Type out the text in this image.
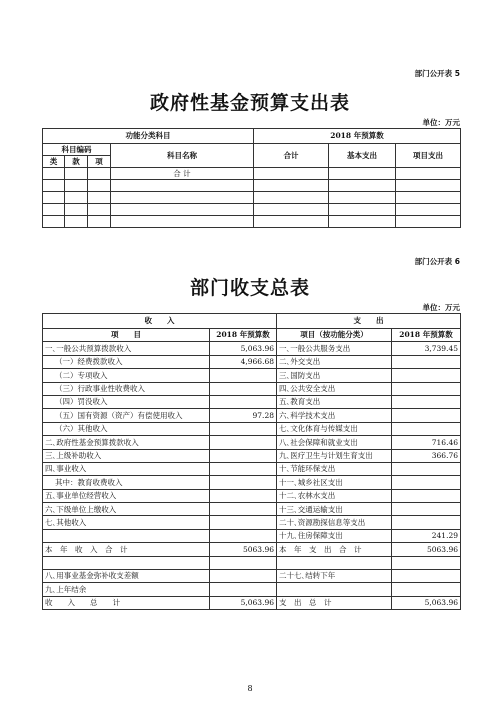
部门公开表 5
政府性基金预算支出表
单位：万元
功能分类科目				2018 年预算数		
科目编码			科目名称	合计	基本支出	项目支出
类	款	项				
			合 计			

部门公开表 6
部门收支总表
单位：万元
收　　入		支　　出	
项　　目	2018 年预算数	项目（按功能分类）	2018 年预算数
一､一般公共预算拨款收入	5,063.96	一､一般公共服务支出	3,739.45
（一）经费拨款收入	4,966.68	二､外交支出	
（二）专项收入		三､国防支出	
（三）行政事业性收费收入		四､公共安全支出	
（四）罚没收入		五､教育支出	
（五）国有资源（资产）有偿使用收入	97.28	六､科学技术支出	
（六）其他收入		七､文化体育与传媒支出	
二､政府性基金预算拨款收入		八､社会保障和就业支出	716.46
三､上级补助收入		九､医疗卫生与计划生育支出	366.76
四､事业收入		十､节能环保支出	
其中：教育收费收入		十一､城乡社区支出	
五､事业单位经营收入		十二､农林水支出	
六､下级单位上缴收入		十三､交通运输支出	
七､其他收入		二十､资源勘探信息等支出	
		十九､住房保障支出	241.29
本　年　收　入　合　计	5063.96	本　年　支　出　合　计	5063.96

八､用事业基金弥补收支差额		二十七､结转下年	
九､上年结余			
收　　入　　总　　计	5,063.96	支　出　总　计	5,063.96
8
